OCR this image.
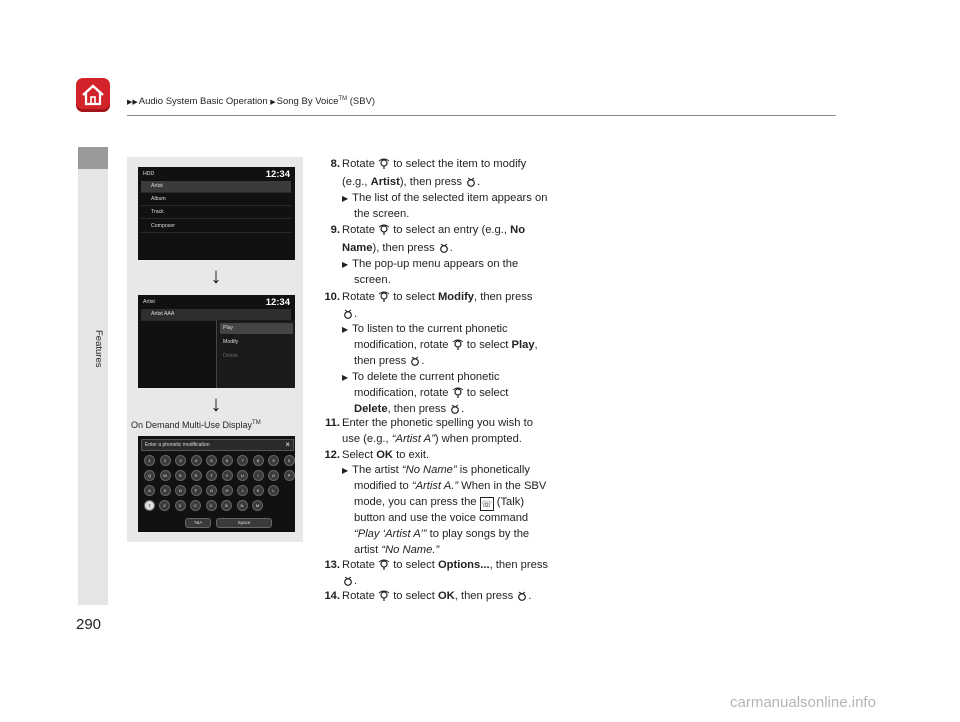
▶▶Audio System Basic Operation ▶Song By Voice™ (SBV)
Features
290
HDD	12:34
Artist
Album
Track
Composer
↓
Artist	12:34
Artist AAA
Play
Modify
Delete
↓
Enter a phonetic modification	×
1	2	3	4	5	6	7	8	9	0
Q	W	E	R	T	Y	U	I	O	P
A	S	D	F	G	H	J	K	L
Z	X	C	V	B	N	M
⇧
?&A	Space
On Demand Multi-Use Display™
8. Rotate to select the item to modify
(e.g., Artist), then press .
▶ The list of the selected item appears on
the screen.
9. Rotate to select an entry (e.g., No
Name), then press .
▶ The pop-up menu appears on the
screen.
10. Rotate to select Modify, then press
.
▶ To listen to the current phonetic
modification, rotate to select Play,
then press .
▶ To delete the current phonetic
modification, rotate to select
Delete, then press .
11. Enter the phonetic spelling you wish to
use (e.g., “Artist A”) when prompted.
12. Select OK to exit.
▶ The artist “No Name” is phonetically
modified to “Artist A.” When in the SBV
mode, you can press the ☏ (Talk)
button and use the voice command
“Play ‘Artist A’” to play songs by the
artist “No Name.”
13. Rotate to select Options..., then press
.
14. Rotate to select OK, then press .
carmanualsonline.info
